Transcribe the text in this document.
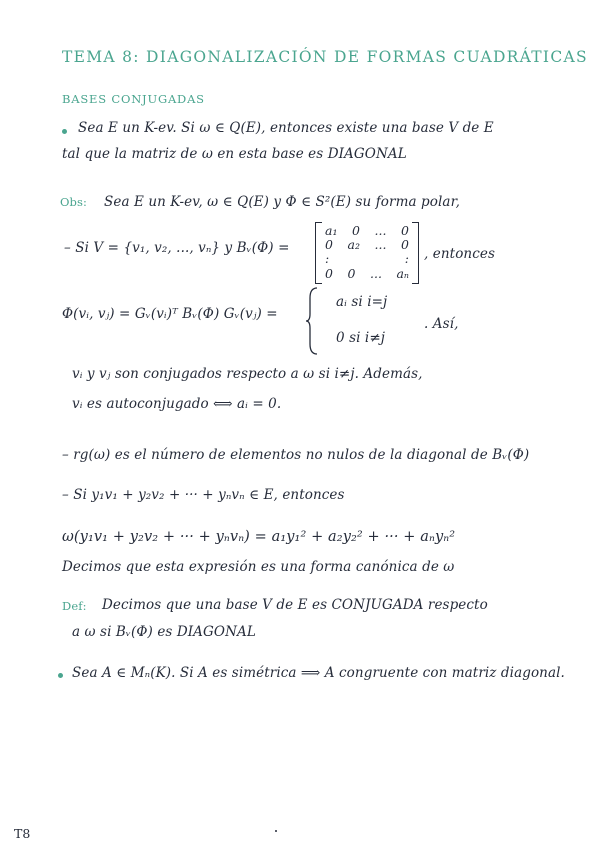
TEMA 8: DIAGONALIZACIÓN DE FORMAS CUADRÁTICAS
BASES CONJUGADAS
Sea E un K-ev. Si ω ∈ Q(E), entonces existe una base V de E
tal que la matriz de ω en esta base es DIAGONAL
Obs: Sea E un K-ev, ω ∈ Q(E) y Φ ∈ S²(E) su forma polar,
– Si V = {v₁, v₂, ..., vₙ} y Bᵥ(Φ) =
a₁ 0 ... 0
0 a₂ ... 0
:	:
0 0 ... aₙ
, entonces
Φ(vᵢ, vⱼ) = Gᵥ(vᵢ)ᵀ Bᵥ(Φ) Gᵥ(vⱼ) =
aᵢ si i=j
0 si i≠j
. Así,
vᵢ y vⱼ son conjugados respecto a ω si i≠j. Además,
vᵢ es autoconjugado ⟺ aᵢ = 0.
– rg(ω) es el número de elementos no nulos de la diagonal de Bᵥ(Φ)
– Si y₁v₁ + y₂v₂ + ··· + yₙvₙ ∈ E, entonces
ω(y₁v₁ + y₂v₂ + ··· + yₙvₙ) = a₁y₁² + a₂y₂² + ··· + aₙyₙ²
Decimos que esta expresión es una forma canónica de ω
Def: Decimos que una base V de E es CONJUGADA respecto
a ω si Bᵥ(Φ) es DIAGONAL
Sea A ∈ Mₙ(K). Si A es simétrica ⟹ A congruente con matriz diagonal.
T8
